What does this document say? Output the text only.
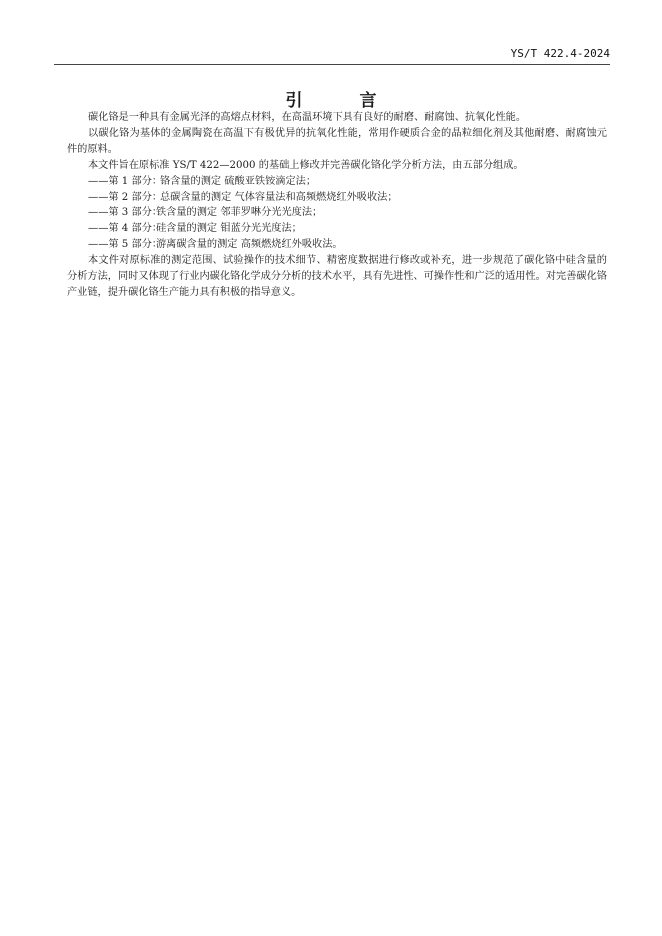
YS/T 422.4-2024
引　言

碳化铬是一种具有金属光泽的高熔点材料，在高温环境下具有良好的耐磨、耐腐蚀、抗氧化性能。

以碳化铬为基体的金属陶瓷在高温下有极优异的抗氧化性能，常用作硬质合金的晶粒细化剂及其他耐磨、耐腐蚀元件的原料。

本文件旨在原标准 YS/T 422—2000 的基础上修改并完善碳化铬化学分析方法，由五部分组成。

——第 1 部分：铬含量的测定 硫酸亚铁铵滴定法；

——第 2 部分：总碳含量的测定 气体容量法和高频燃烧红外吸收法；

——第 3 部分：铁含量的测定 邻菲罗啉分光光度法；

——第 4 部分：硅含量的测定 钼蓝分光光度法；

——第 5 部分：游离碳含量的测定 高频燃烧红外吸收法。

本文件对原标准的测定范围、试验操作的技术细节、精密度数据进行修改或补充，进一步规范了碳化铬中硅含量的分析方法，同时又体现了行业内碳化铬化学成分分析的技术水平，具有先进性、可操作性和广泛的适用性。对完善碳化铬产业链，提升碳化铬生产能力具有积极的指导意义。
